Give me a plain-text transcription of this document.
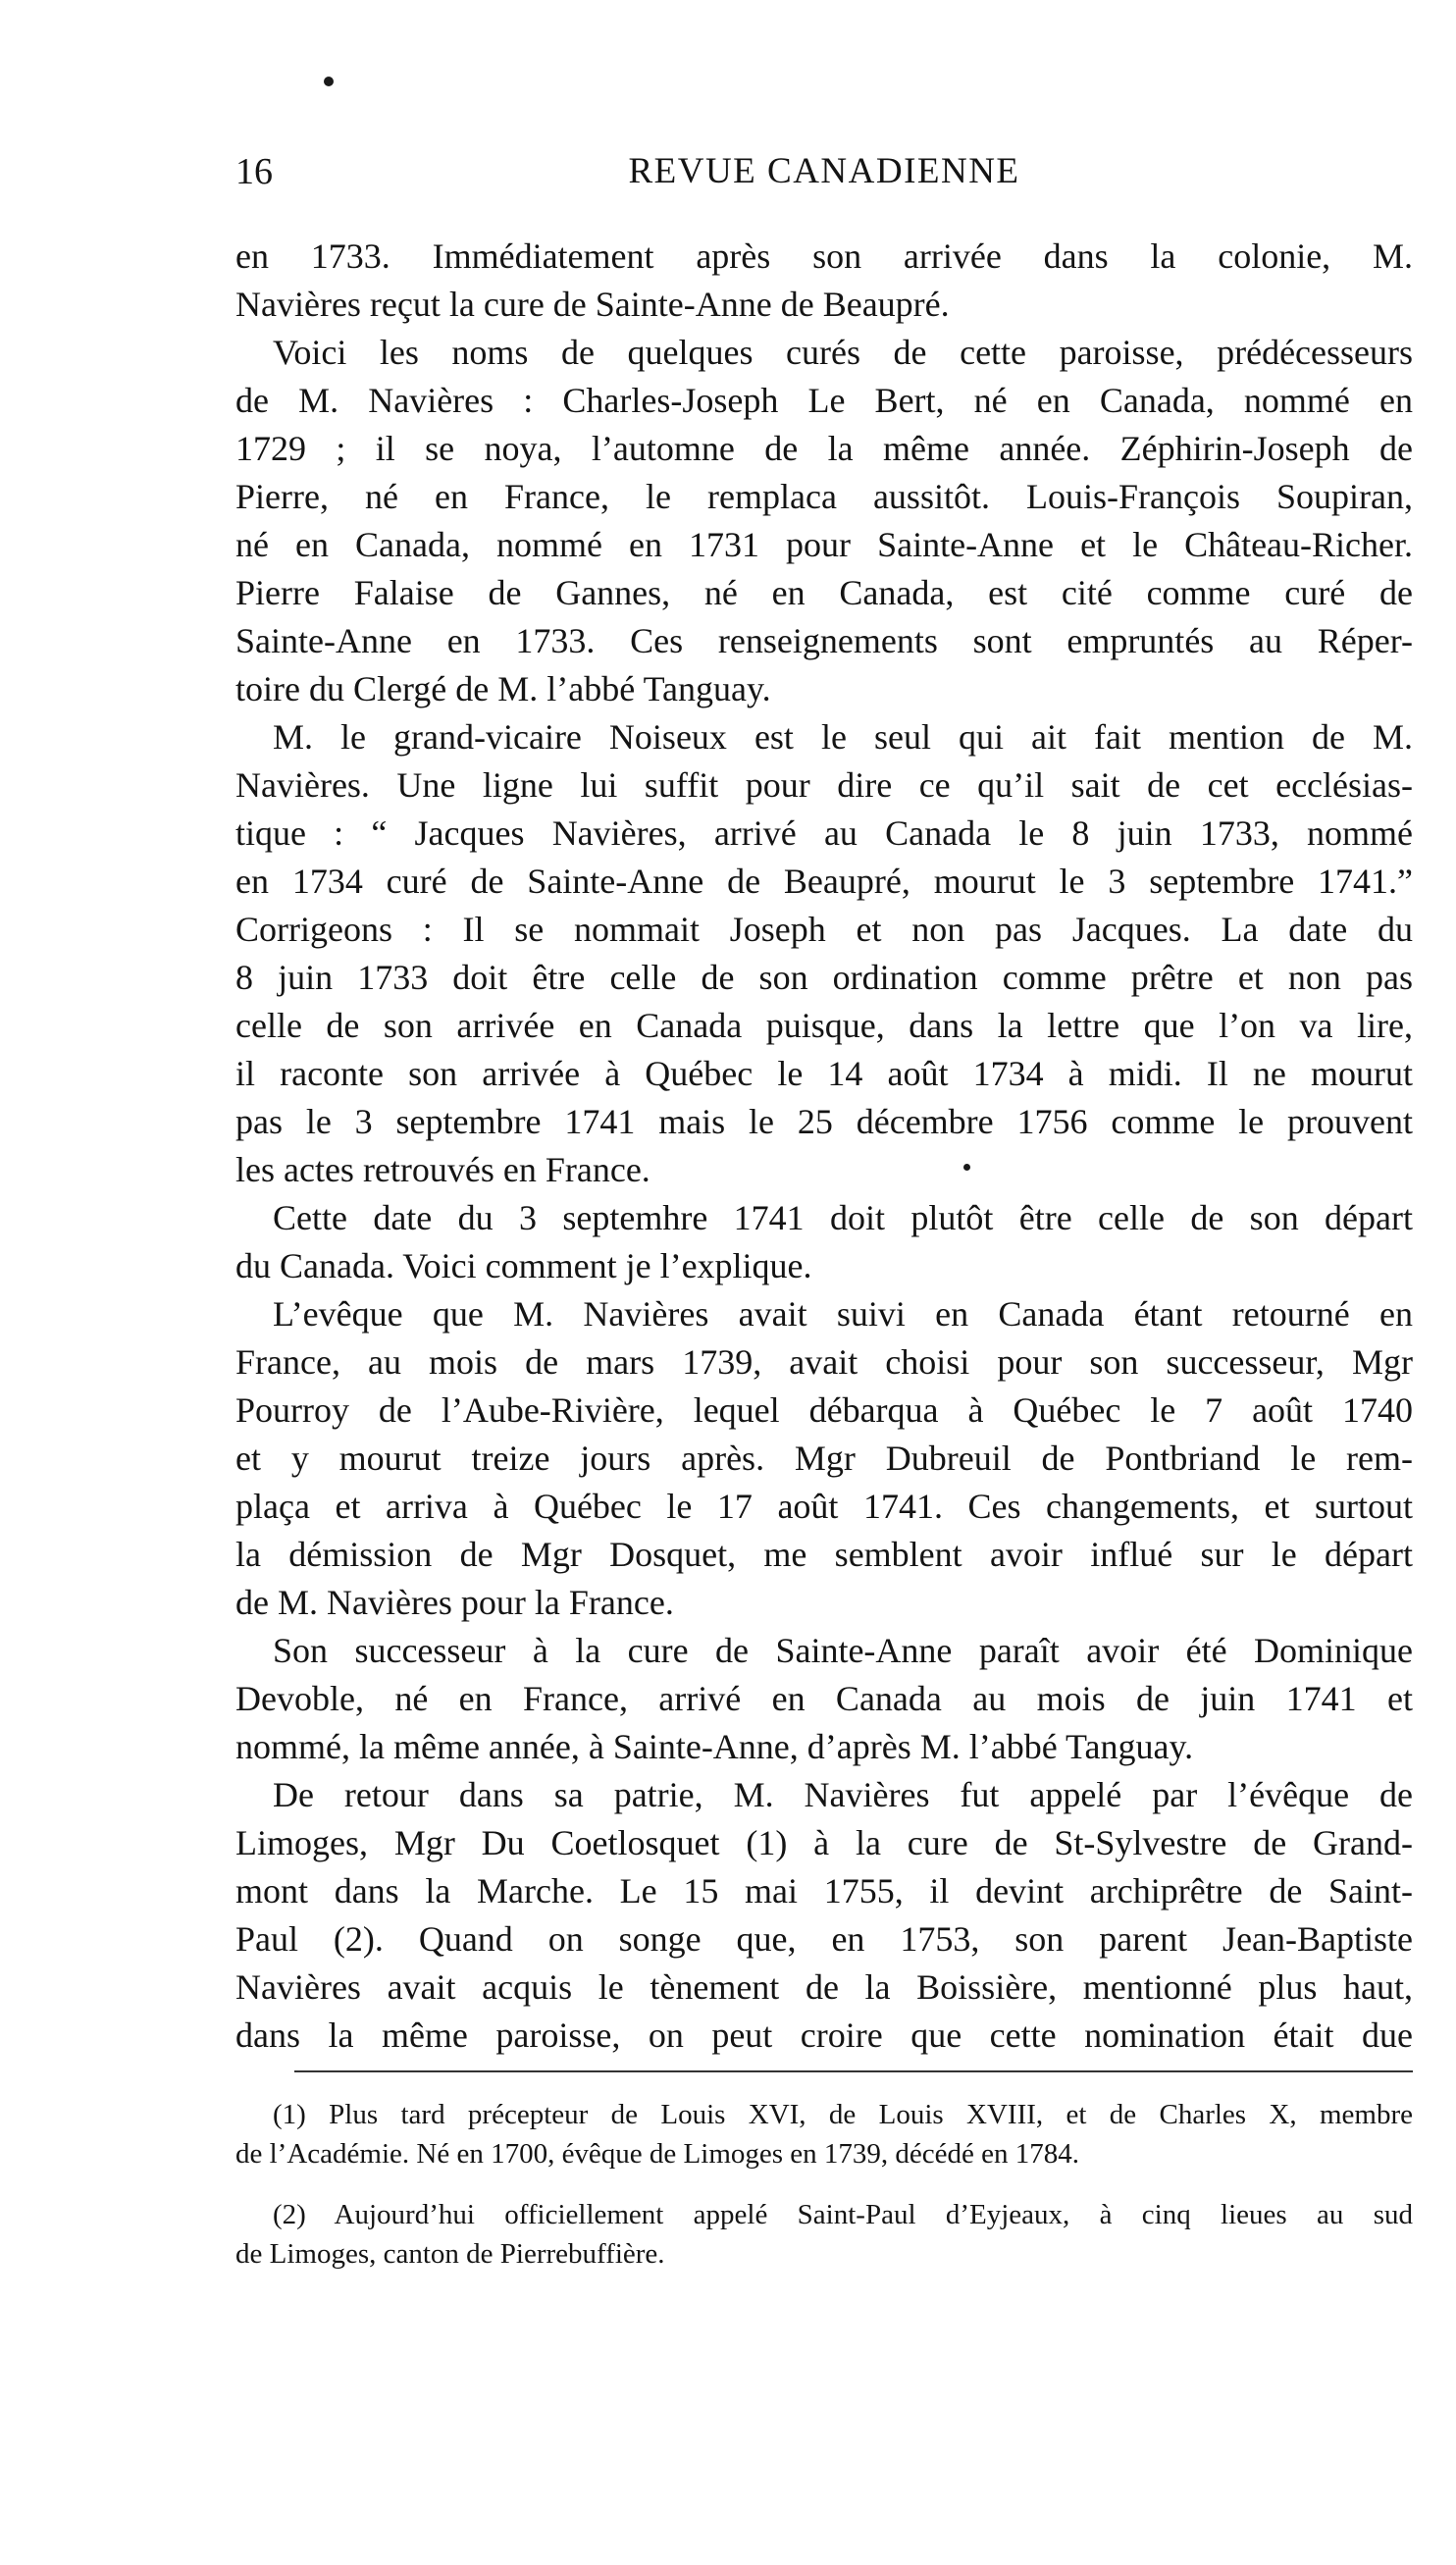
16	REVUE CANADIENNE
en 1733. Immédiatement après son arrivée dans la colonie, M.
Navières reçut la cure de Sainte-Anne de Beaupré.
Voici les noms de quelques curés de cette paroisse, prédécesseurs
de M. Navières : Charles-Joseph Le Bert, né en Canada, nommé en
1729 ; il se noya, l’automne de la même année. Zéphirin-Joseph de
Pierre, né en France, le remplaca aussitôt. Louis-François Soupiran,
né en Canada, nommé en 1731 pour Sainte-Anne et le Château-Richer.
Pierre Falaise de Gannes, né en Canada, est cité comme curé de
Sainte-Anne en 1733. Ces renseignements sont empruntés au Réper-
toire du Clergé de M. l’abbé Tanguay.
M. le grand-vicaire Noiseux est le seul qui ait fait mention de M.
Navières. Une ligne lui suffit pour dire ce qu’il sait de cet ecclésias-
tique : “ Jacques Navières, arrivé au Canada le 8 juin 1733, nommé
en 1734 curé de Sainte-Anne de Beaupré, mourut le 3 septembre 1741.”
Corrigeons : Il se nommait Joseph et non pas Jacques. La date du
8 juin 1733 doit être celle de son ordination comme prêtre et non pas
celle de son arrivée en Canada puisque, dans la lettre que l’on va lire,
il raconte son arrivée à Québec le 14 août 1734 à midi. Il ne mourut
pas le 3 septembre 1741 mais le 25 décembre 1756 comme le prouvent
les actes retrouvés en France.
Cette date du 3 septemhre 1741 doit plutôt être celle de son départ
du Canada. Voici comment je l’explique.
L’evêque que M. Navières avait suivi en Canada étant retourné en
France, au mois de mars 1739, avait choisi pour son successeur, Mgr
Pourroy de l’Aube-Rivière, lequel débarqua à Québec le 7 août 1740
et y mourut treize jours après. Mgr Dubreuil de Pontbriand le rem-
plaça et arriva à Québec le 17 août 1741. Ces changements, et surtout
la démission de Mgr Dosquet, me semblent avoir influé sur le départ
de M. Navières pour la France.
Son successeur à la cure de Sainte-Anne paraît avoir été Dominique
Devoble, né en France, arrivé en Canada au mois de juin 1741 et
nommé, la même année, à Sainte-Anne, d’après M. l’abbé Tanguay.
De retour dans sa patrie, M. Navières fut appelé par l’évêque de
Limoges, Mgr Du Coetlosquet (1) à la cure de St-Sylvestre de Grand-
mont dans la Marche. Le 15 mai 1755, il devint archiprêtre de Saint-
Paul (2). Quand on songe que, en 1753, son parent Jean-Baptiste
Navières avait acquis le tènement de la Boissière, mentionné plus haut,
dans la même paroisse, on peut croire que cette nomination était due
(1) Plus tard précepteur de Louis XVI, de Louis XVIII, et de Charles X, membre
de l’Académie. Né en 1700, évêque de Limoges en 1739, décédé en 1784.
(2) Aujourd’hui officiellement appelé Saint-Paul d’Eyjeaux, à cinq lieues au sud
de Limoges, canton de Pierrebuffière.
